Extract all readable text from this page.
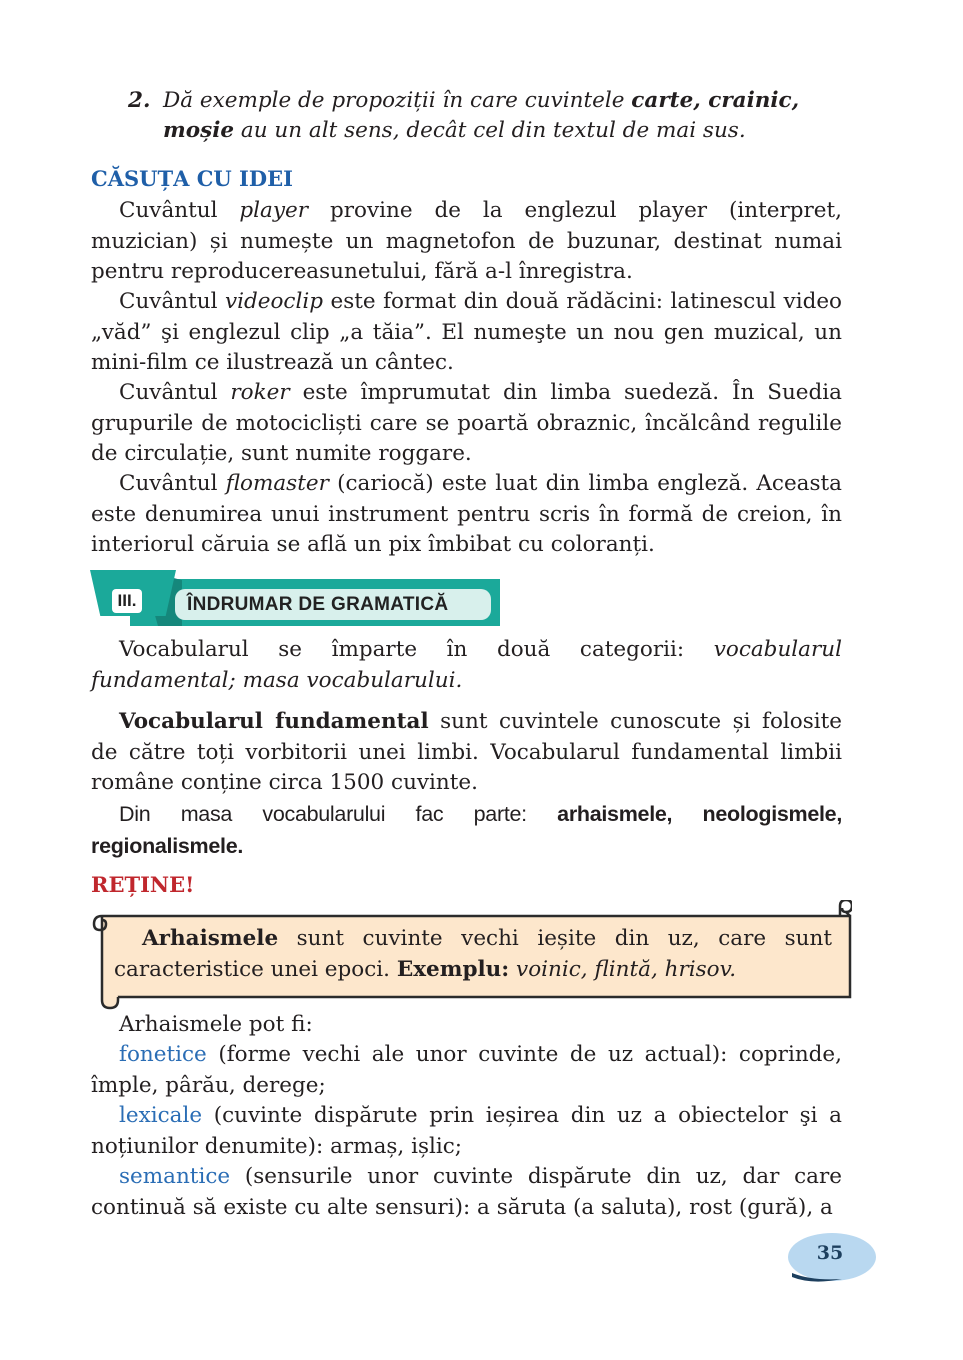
2. Dă exemple de propoziții în care cuvintele carte, crainic, moșie au un alt sens, decât cel din textul de mai sus.
CĂSUȚA CU IDEI

Cuvântul player provine de la englezul player (interpret, muzician) și numește un magnetofon de buzunar, destinat numai pentru reproducereasunetului, fără a-l înregistra.

Cuvântul videoclip este format din două rădăcini: latinescul video „văd” şi englezul clip „a tăia”. El numeşte un nou gen muzical, un mini-film ce ilustrează un cântec.

Cuvântul roker este împrumutat din limba suedeză. În Suedia grupurile de motocicliști care se poartă obraznic, încălcând regulile de circulație, sunt numite roggare.

Cuvântul flomaster (cariocă) este luat din limba engleză. Aceasta este denumirea unui instrument pentru scris în formă de creion, în interiorul căruia se află un pix îmbibat cu coloranți.

III.	ÎNDRUMAR DE GRAMATICĂ

Vocabularul se împarte în două categorii: vocabularul fundamental; masa vocabularului.

Vocabularul fundamental sunt cuvintele cunoscute și folosite de către toți vorbitorii unei limbi. Vocabularul fundamental limbii române conține circa 1500 cuvinte.

Din masa vocabularului fac parte: arhaismele, neologismele, regionalismele.

REȚINE!

Arhaismele sunt cuvinte vechi ieșite din uz, care sunt caracteristice unei epoci. Exemplu: voinic, flintă, hrisov.

Arhaismele pot fi:

fonetice (forme vechi ale unor cuvinte de uz actual): coprinde, împle, pârău, derege;

lexicale (cuvinte dispărute prin ieșirea din uz a obiectelor şi a noțiunilor denumite): armaș, ișlic;

semantice (sensurile unor cuvinte dispărute din uz, dar care continuă să existe cu alte sensuri): a săruta (a saluta), rost (gură), a

35
